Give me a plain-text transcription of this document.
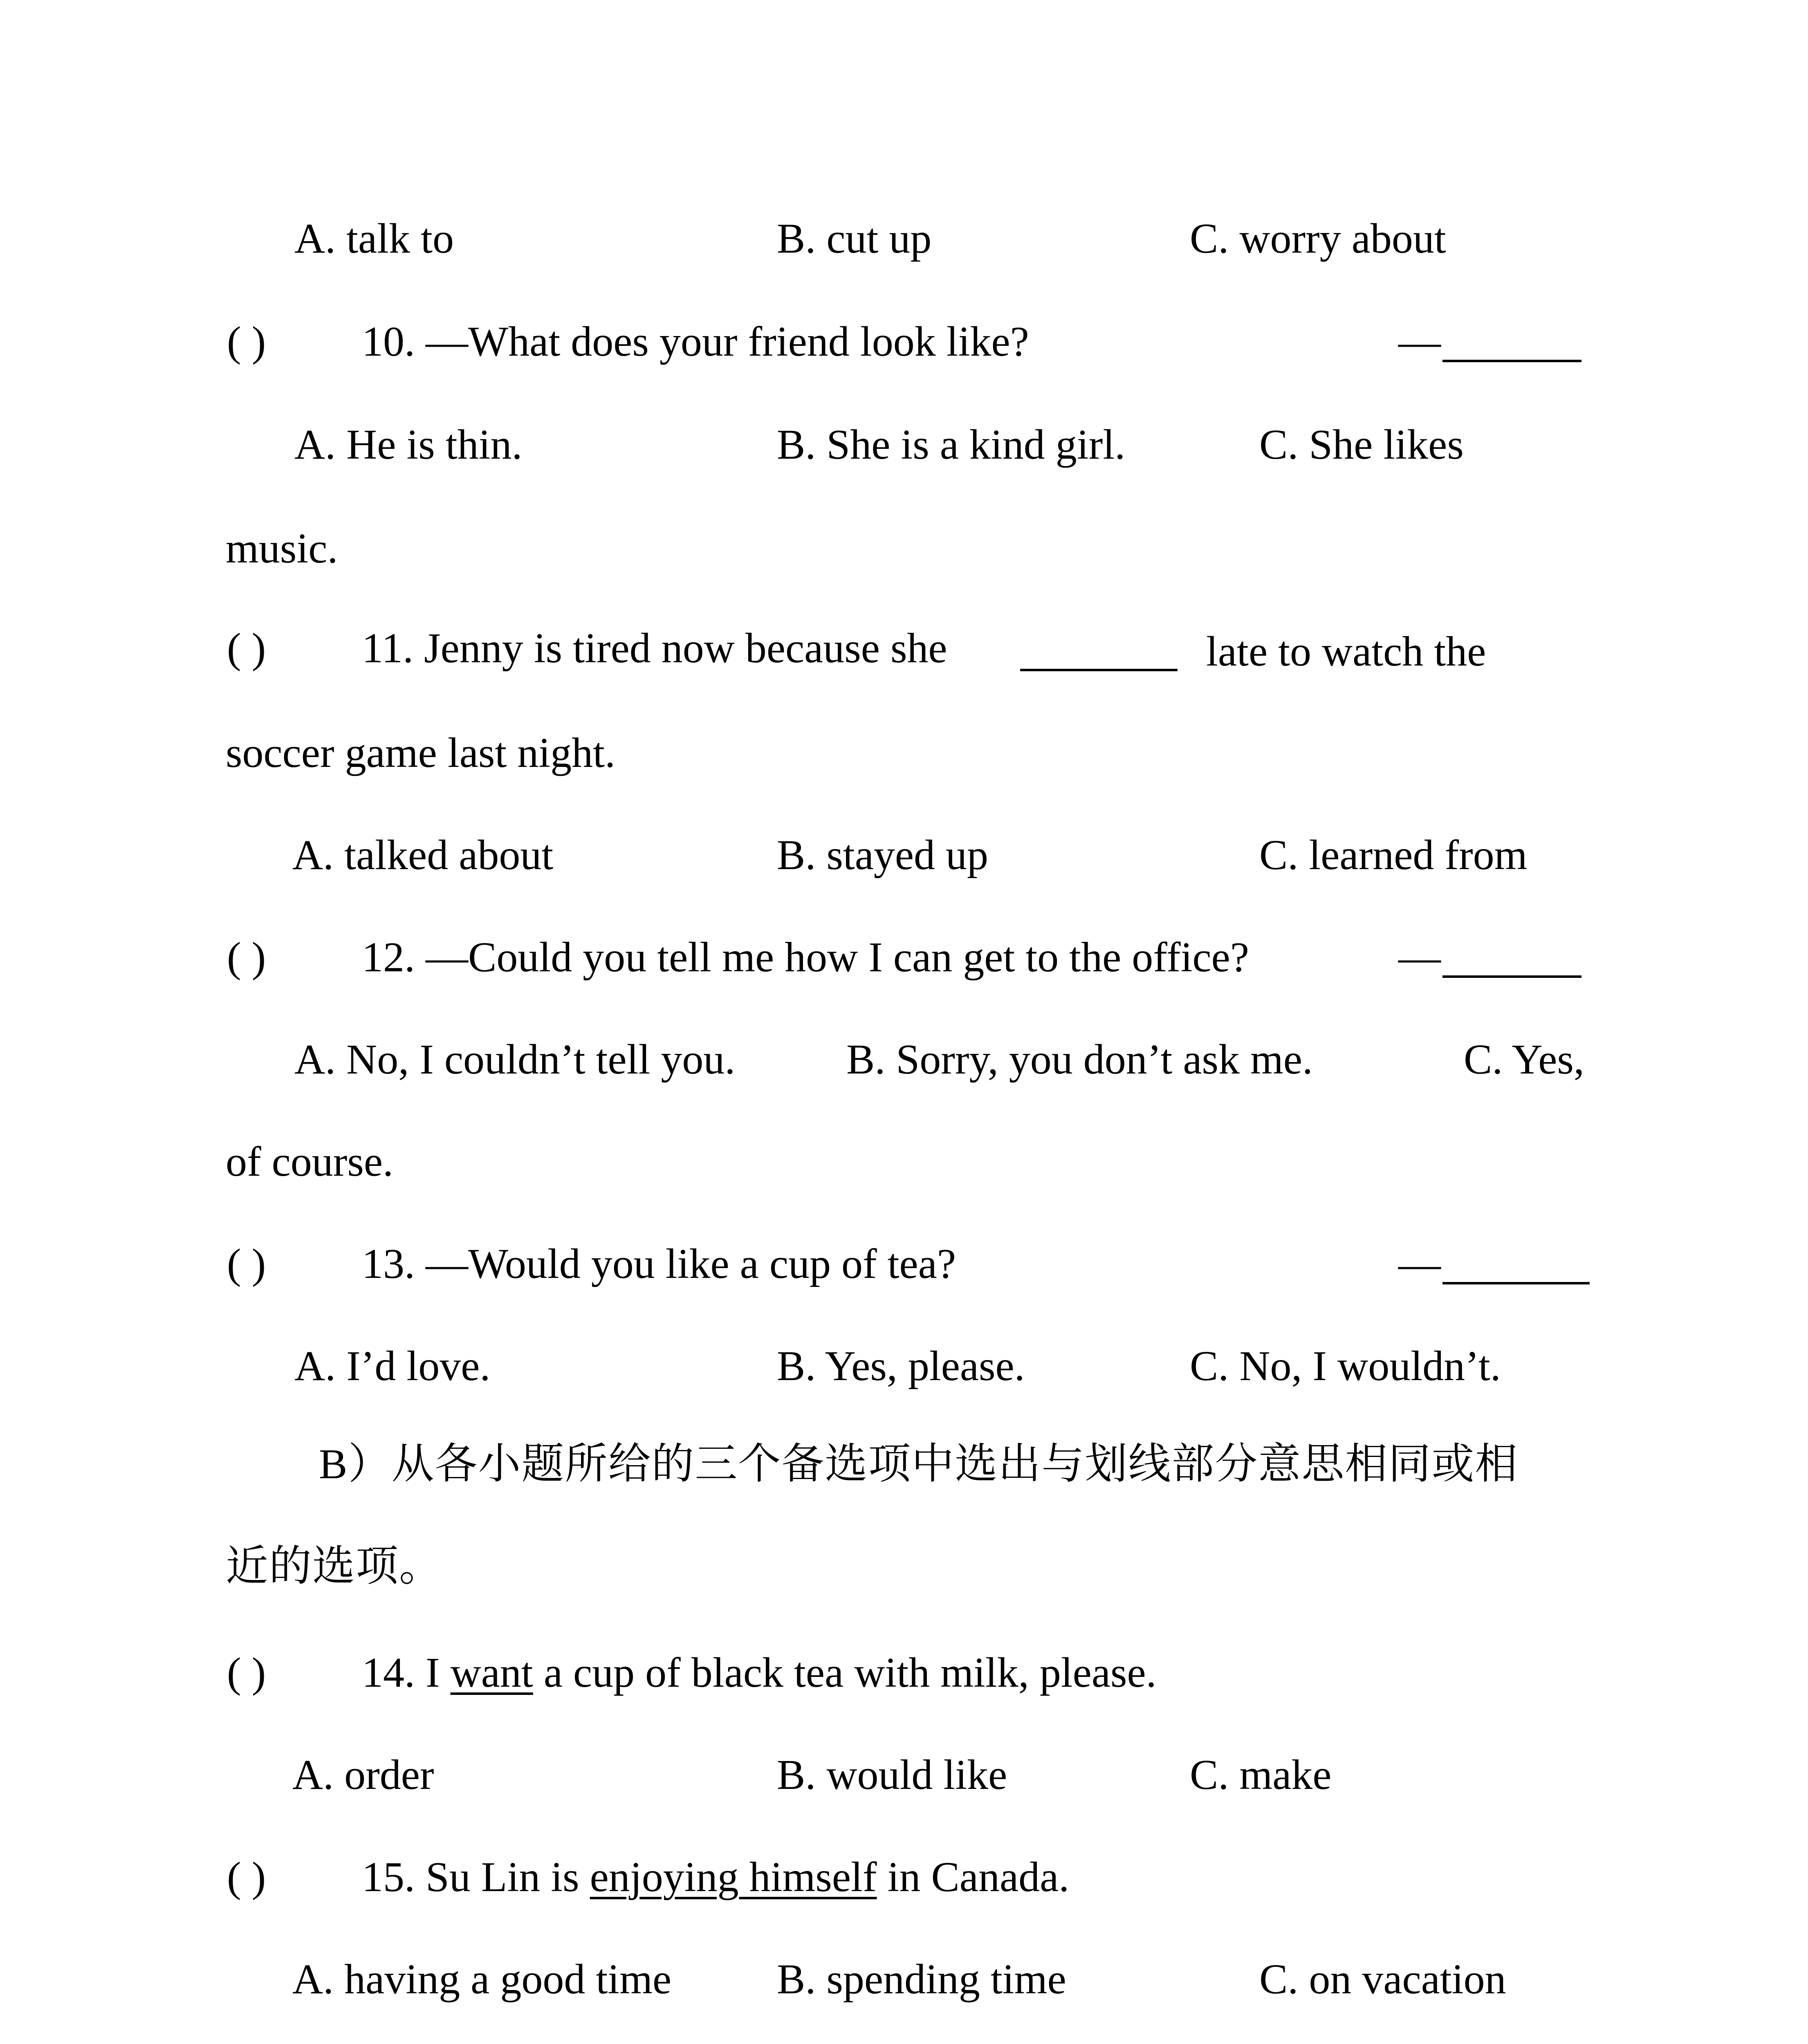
A. talk to	B. cut up	C. worry about
( ) 10. —What does your friend look like?	—
A. He is thin.	B. She is a kind girl.	C. She likes
music.
( ) 11. Jenny is tired now because she	late to watch the
soccer game last night.
A. talked about	B. stayed up	C. learned from
( ) 12. —Could you tell me how I can get to the office?	—
A. No, I couldn’t tell you.	B. Sorry, you don’t ask me.	C. Yes,
of course.
( ) 13. —Would you like a cup of tea?	—
A. I’d love.	B. Yes, please.	C. No, I wouldn’t.
B）从各小题所给的三个备选项中选出与划线部分意思相同或相
近的选项。
( ) 14. I want a cup of black tea with milk, please.
A. order	B. would like	C. make
( ) 15. Su Lin is enjoying himself in Canada.
A. having a good time B. spending time	C. on vacation
